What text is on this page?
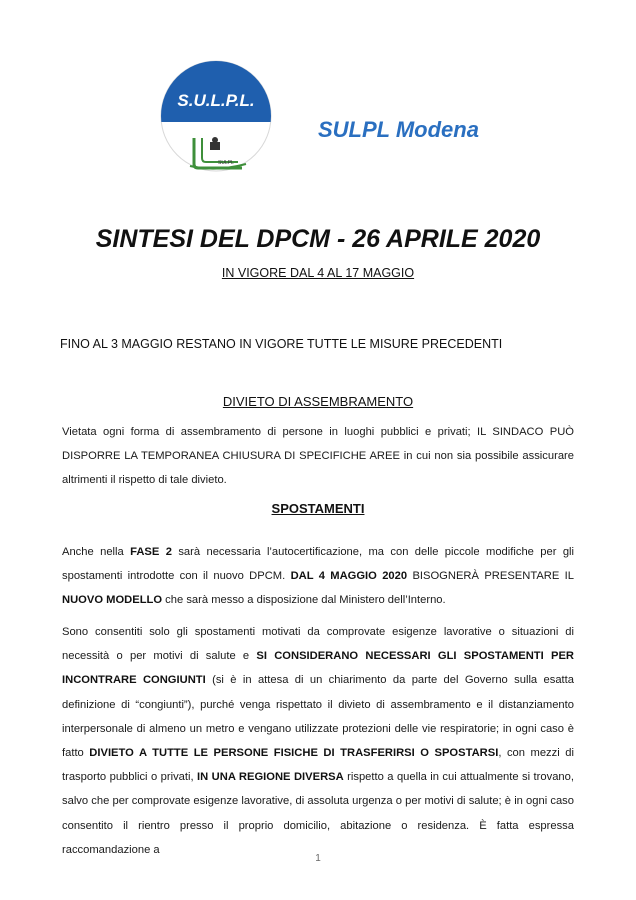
SULPL
S.U.L.P.L.
SULPL Modena
SINTESI DEL DPCM - 26 APRILE 2020
IN VIGORE DAL 4 AL 17 MAGGIO
FINO AL 3 MAGGIO RESTANO IN VIGORE TUTTE LE MISURE PRECEDENTI
DIVIETO DI ASSEMBRAMENTO

Vietata ogni forma di assembramento di persone in luoghi pubblici e privati; IL SINDACO PUÒ DISPORRE LA TEMPORANEA CHIUSURA DI SPECIFICHE AREE in cui non sia possibile assicurare altrimenti il rispetto di tale divieto.

SPOSTAMENTI

Anche nella FASE 2 sarà necessaria l’autocertificazione, ma con delle piccole modifiche per gli spostamenti introdotte con il nuovo DPCM. DAL 4 MAGGIO 2020 BISOGNERÀ PRESENTARE IL NUOVO MODELLO che sarà messo a disposizione dal Ministero dell’Interno.

Sono consentiti solo gli spostamenti motivati da comprovate esigenze lavorative o situazioni di necessità o per motivi di salute e SI CONSIDERANO NECESSARI GLI SPOSTAMENTI PER INCONTRARE CONGIUNTI (si è in attesa di un chiarimento da parte del Governo sulla esatta definizione di “congiunti”), purché venga rispettato il divieto di assembramento e il distanziamento interpersonale di almeno un metro e vengano utilizzate protezioni delle vie respiratorie; in ogni caso è fatto DIVIETO A TUTTE LE PERSONE FISICHE DI TRASFERIRSI O SPOSTARSI, con mezzi di trasporto pubblici o privati, IN UNA REGIONE DIVERSA rispetto a quella in cui attualmente si trovano, salvo che per comprovate esigenze lavorative, di assoluta urgenza o per motivi di salute; è in ogni caso consentito il rientro presso il proprio domicilio, abitazione o residenza. È fatta espressa raccomandazione a

1
